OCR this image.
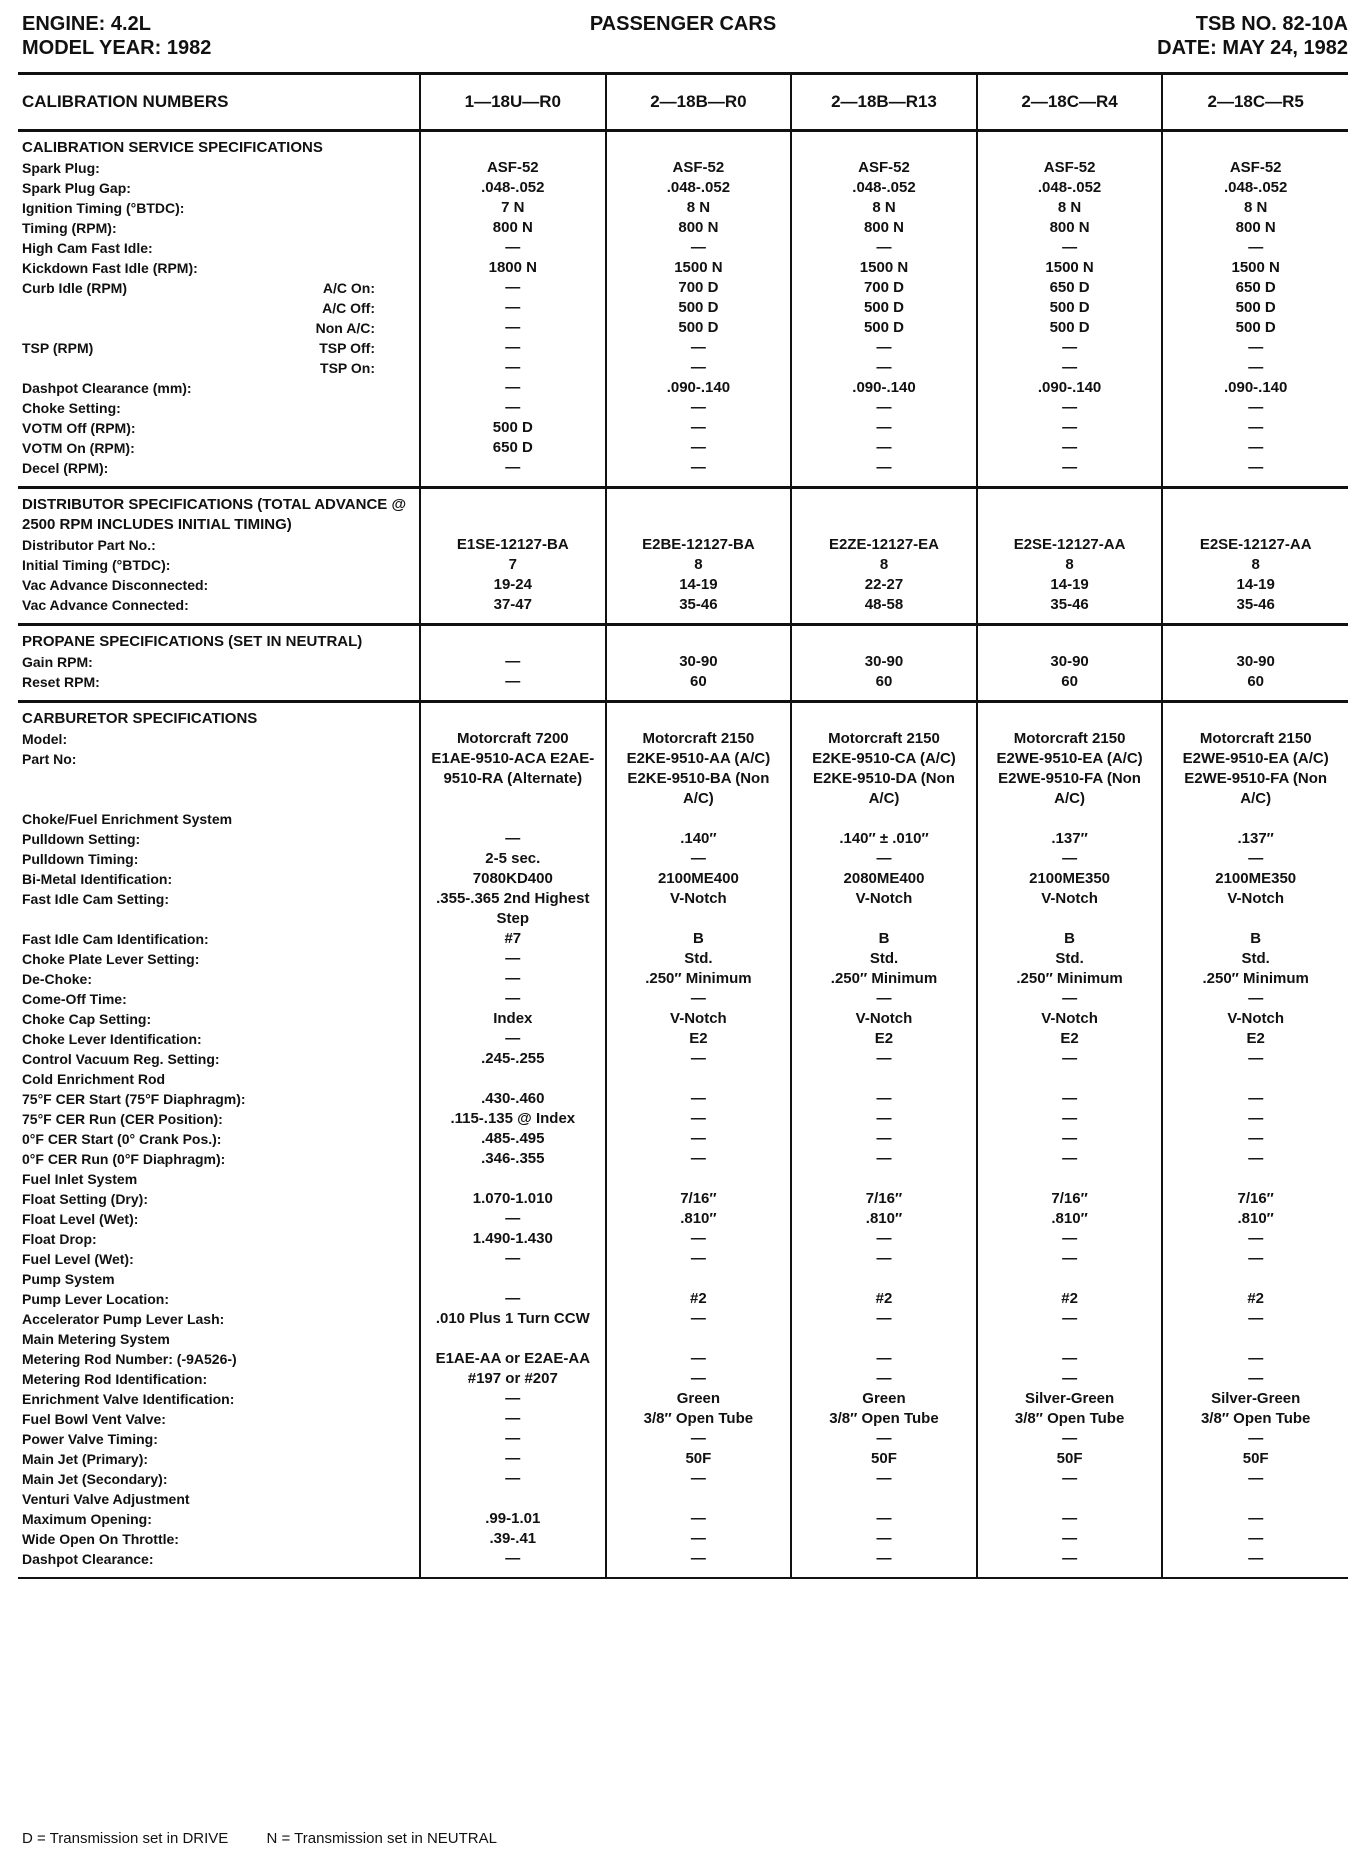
ENGINE: 4.2L
MODEL YEAR: 1982
PASSENGER CARS	TSB NO. 82-10A
DATE: MAY 24, 1982
CALIBRATION NUMBERS	1—18U—R0	2—18B—R0	2—18B—R13	2—18C—R4	2—18C—R5
CALIBRATION SERVICE SPECIFICATIONS					

Spark Plug:	ASF-52	ASF-52	ASF-52	ASF-52	ASF-52

Spark Plug Gap:	.048-.052	.048-.052	.048-.052	.048-.052	.048-.052

Ignition Timing (°BTDC):	7 N	8 N	8 N	8 N	8 N

Timing (RPM):	800 N	800 N	800 N	800 N	800 N

High Cam Fast Idle:	—	—	—	—	—

Kickdown Fast Idle (RPM):	1800 N	1500 N	1500 N	1500 N	1500 N

Curb Idle (RPM) A/C On:	—	700 D	700 D	650 D	650 D

A/C Off:	—	500 D	500 D	500 D	500 D

Non A/C:	—	500 D	500 D	500 D	500 D

TSP (RPM) TSP Off:	—	—	—	—	—

TSP On:	—	—	—	—	—

Dashpot Clearance (mm):	—	.090-.140	.090-.140	.090-.140	.090-.140

Choke Setting:	—	—	—	—	—

VOTM Off (RPM):	500 D	—	—	—	—

VOTM On (RPM):	650 D	—	—	—	—

Decel (RPM):	—	—	—	—	—

DISTRIBUTOR SPECIFICATIONS (TOTAL ADVANCE @ 2500 RPM INCLUDES INITIAL TIMING)					

Distributor Part No.:	E1SE-12127-BA	E2BE-12127-BA	E2ZE-12127-EA	E2SE-12127-AA	E2SE-12127-AA

Initial Timing (°BTDC):	7	8	8	8	8

Vac Advance Disconnected:	19-24	14-19	22-27	14-19	14-19

Vac Advance Connected:	37-47	35-46	48-58	35-46	35-46

PROPANE SPECIFICATIONS (SET IN NEUTRAL)					

Gain RPM:	—	30-90	30-90	30-90	30-90

Reset RPM:	—	60	60	60	60

CARBURETOR SPECIFICATIONS					

Model:	Motorcraft 7200	Motorcraft 2150	Motorcraft 2150	Motorcraft 2150	Motorcraft 2150

Part No:	E1AE-9510-ACA E2AE-9510-RA (Alternate)	E2KE-9510-AA (A/C) E2KE-9510-BA (Non A/C)	E2KE-9510-CA (A/C) E2KE-9510-DA (Non A/C)	E2WE-9510-EA (A/C) E2WE-9510-FA (Non A/C)	E2WE-9510-EA (A/C) E2WE-9510-FA (Non A/C)

Choke/Fuel Enrichment System					

Pulldown Setting:	—	.140″	.140″ ± .010″	.137″	.137″

Pulldown Timing:	2-5 sec.	—	—	—	—

Bi-Metal Identification:	7080KD400	2100ME400	2080ME400	2100ME350	2100ME350

Fast Idle Cam Setting:	.355-.365 2nd Highest Step	V-Notch	V-Notch	V-Notch	V-Notch

Fast Idle Cam Identification:	#7	B	B	B	B

Choke Plate Lever Setting:	—	Std.	Std.	Std.	Std.

De-Choke:	—	.250″ Minimum	.250″ Minimum	.250″ Minimum	.250″ Minimum

Come-Off Time:	—	—	—	—	—

Choke Cap Setting:	Index	V-Notch	V-Notch	V-Notch	V-Notch

Choke Lever Identification:	—	E2	E2	E2	E2

Control Vacuum Reg. Setting:	.245-.255	—	—	—	—

Cold Enrichment Rod					

75°F CER Start (75°F Diaphragm):	.430-.460	—	—	—	—

75°F CER Run (CER Position):	.115-.135 @ Index	—	—	—	—

0°F CER Start (0° Crank Pos.):	.485-.495	—	—	—	—

0°F CER Run (0°F Diaphragm):	.346-.355	—	—	—	—

Fuel Inlet System					

Float Setting (Dry):	1.070-1.010	7/16″	7/16″	7/16″	7/16″

Float Level (Wet):	—	.810″	.810″	.810″	.810″

Float Drop:	1.490-1.430	—	—	—	—

Fuel Level (Wet):	—	—	—	—	—

Pump System					

Pump Lever Location:	—	#2	#2	#2	#2

Accelerator Pump Lever Lash:	.010 Plus 1 Turn CCW	—	—	—	—

Main Metering System					

Metering Rod Number: (-9A526-)	E1AE-AA or E2AE-AA	—	—	—	—

Metering Rod Identification:	#197 or #207	—	—	—	—

Enrichment Valve Identification:	—	Green	Green	Silver-Green	Silver-Green

Fuel Bowl Vent Valve:	—	3/8″ Open Tube	3/8″ Open Tube	3/8″ Open Tube	3/8″ Open Tube

Power Valve Timing:	—	—	—	—	—

Main Jet (Primary):	—	50F	50F	50F	50F

Main Jet (Secondary):	—	—	—	—	—

Venturi Valve Adjustment					

Maximum Opening:	.99-1.01	—	—	—	—

Wide Open On Throttle:	.39-.41	—	—	—	—

Dashpot Clearance:	—	—	—	—	—

D = Transmission set in DRIVE	N = Transmission set in NEUTRAL
